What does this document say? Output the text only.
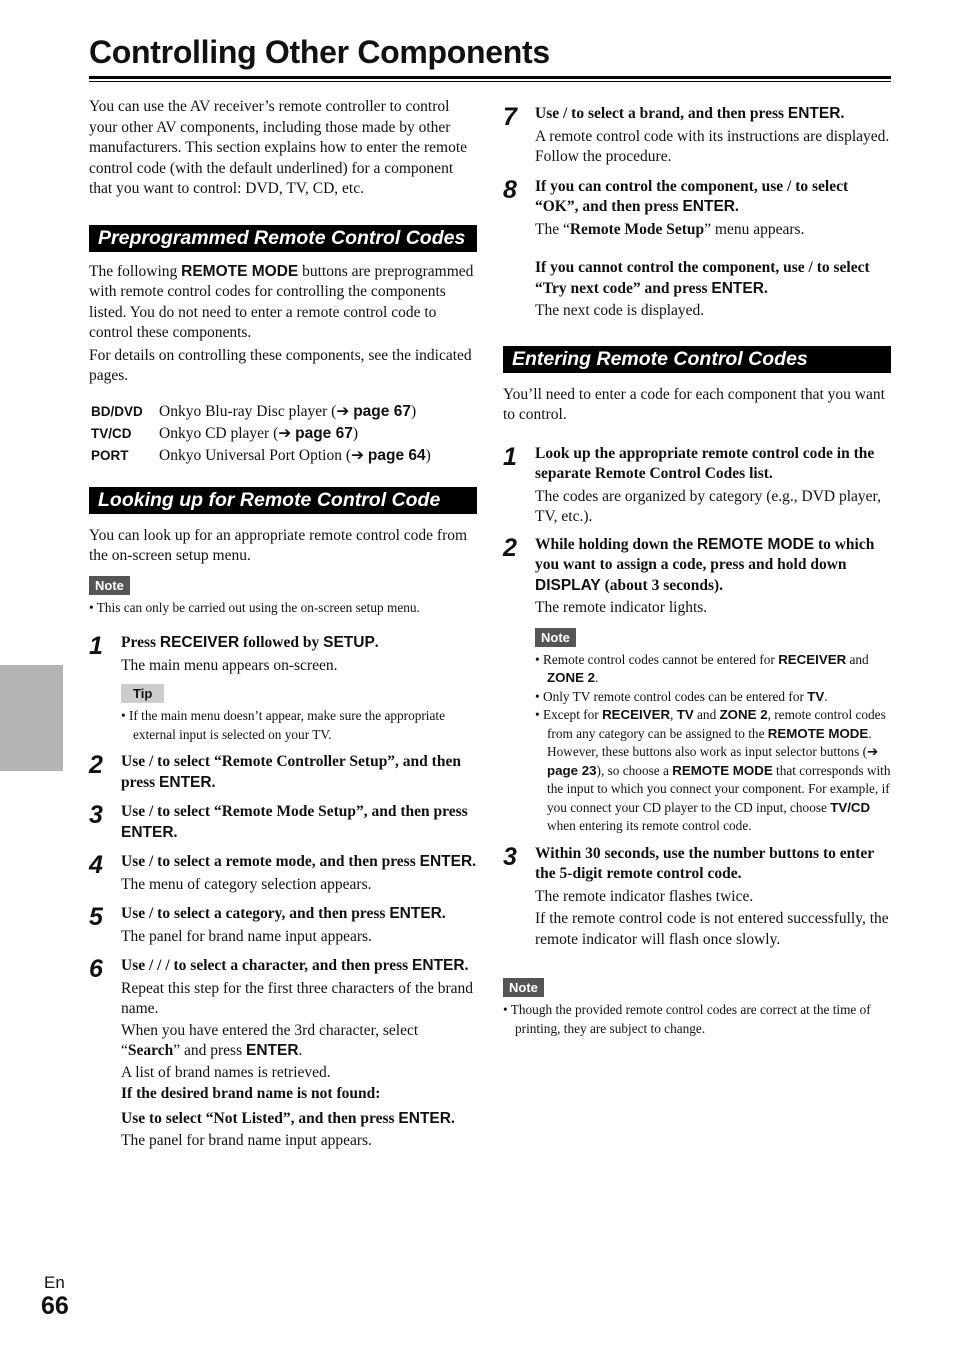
Controlling Other Components

You can use the AV receiver’s remote controller to control your other AV components, including those made by other manufacturers. This section explains how to enter the remote control code (with the default underlined) for a component that you want to control: DVD, TV, CD, etc.

Preprogrammed Remote Control Codes

The following REMOTE MODE buttons are preprogrammed with remote control codes for controlling the components listed. You do not need to enter a remote control code to control these components.

For details on controlling these components, see the indicated pages.

BD/DVD	Onkyo Blu-ray Disc player (➔ page 67)
TV/CD	Onkyo CD player (➔ page 67)
PORT	Onkyo Universal Port Option (➔ page 64)
Looking up for Remote Control Code

You can look up for an appropriate remote control code from the on-screen setup menu.

Note

• This can only be carried out using the on-screen setup menu.

1 Press RECEIVER followed by SETUP.

The main menu appears on-screen.

Tip

• If the main menu doesn’t appear, make sure the appropriate external input is selected on your TV.

2 Use / to select “Remote Controller Setup”, and then press ENTER.

3 Use / to select “Remote Mode Setup”, and then press ENTER.

4 Use / to select a remote mode, and then press ENTER.

The menu of category selection appears.

5 Use / to select a category, and then press ENTER.

The panel for brand name input appears.

6 Use / / / to select a character, and then press ENTER.

Repeat this step for the first three characters of the brand name.

When you have entered the 3rd character, select “Search” and press ENTER.

A list of brand names is retrieved.

If the desired brand name is not found:

Use to select “Not Listed”, and then press ENTER.

The panel for brand name input appears.

7 Use / to select a brand, and then press ENTER.

A remote control code with its instructions are displayed. Follow the procedure.

8 If you can control the component, use / to select “OK”, and then press ENTER.

The “Remote Mode Setup” menu appears.

If you cannot control the component, use / to select “Try next code” and press ENTER.

The next code is displayed.

Entering Remote Control Codes

You’ll need to enter a code for each component that you want to control.

1 Look up the appropriate remote control code in the separate Remote Control Codes list.

The codes are organized by category (e.g., DVD player, TV, etc.).

2 While holding down the REMOTE MODE to which you want to assign a code, press and hold down DISPLAY (about 3 seconds).

The remote indicator lights.

Note

• Remote control codes cannot be entered for RECEIVER and ZONE 2.

• Only TV remote control codes can be entered for TV.

• Except for RECEIVER, TV and ZONE 2, remote control codes from any category can be assigned to the REMOTE MODE. However, these buttons also work as input selector buttons (➔ page 23), so choose a REMOTE MODE that corresponds with the input to which you connect your component. For example, if you connect your CD player to the CD input, choose TV/CD when entering its remote control code.

3 Within 30 seconds, use the number buttons to enter the 5-digit remote control code.

The remote indicator flashes twice.

If the remote control code is not entered successfully, the remote indicator will flash once slowly.

Note

• Though the provided remote control codes are correct at the time of printing, they are subject to change.

En
66
